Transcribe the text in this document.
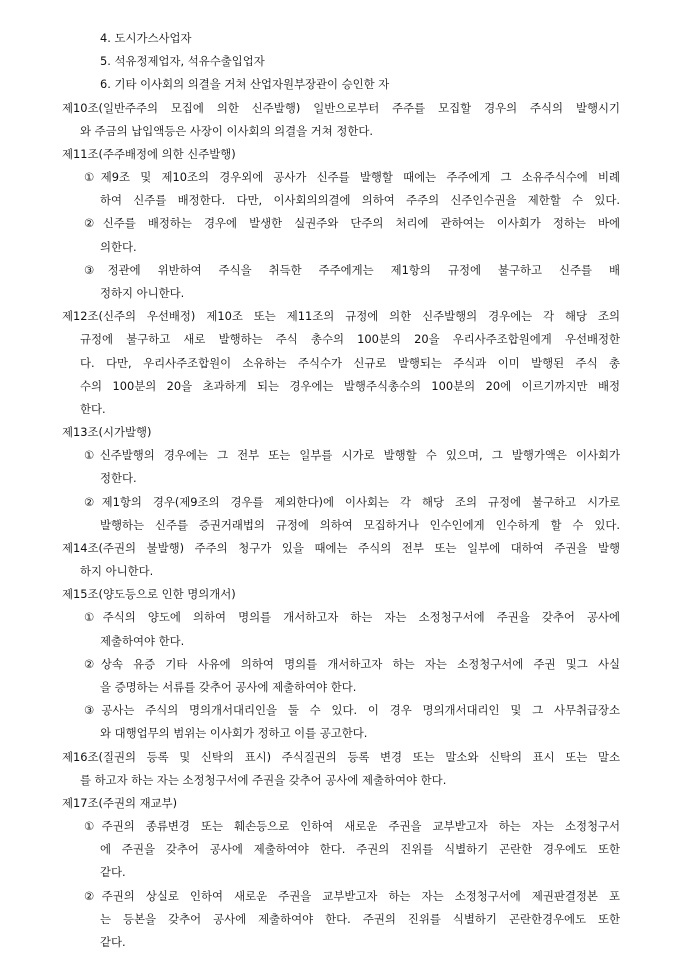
4. 도시가스사업자
5. 석유정제업자, 석유수출입업자
6. 기타 이사회의 의결을 거쳐 산업자원부장관이 승인한 자
제10조(일반주주의 모집에 의한 신주발행) 일반으로부터 주주를 모집할 경우의 주식의 발행시기
와 주금의 납입액등은 사장이 이사회의 의결을 거쳐 정한다.
제11조(주주배정에 의한 신주발행)
①제9조 및 제10조의 경우외에 공사가 신주를 발행할 때에는 주주에게 그 소유주식수에 비례
하여 신주를 배정한다. 다만, 이사회의의결에 의하여 주주의 신주인수권을 제한할 수 있다.
②신주를 배정하는 경우에 발생한 실권주와 단주의 처리에 관하여는 이사회가 정하는 바에
의한다.
③정관에 위반하여 주식을 취득한 주주에게는 제1항의 규정에 불구하고 신주를 배
정하지 아니한다.
제12조(신주의 우선배정) 제10조 또는 제11조의 규정에 의한 신주발행의 경우에는 각 해당 조의
규정에 불구하고 새로 발행하는 주식 총수의 100분의 20을 우리사주조합원에게 우선배정한
다. 다만, 우리사주조합원이 소유하는 주식수가 신규로 발행되는 주식과 이미 발행된 주식 총
수의 100분의 20을 초과하게 되는 경우에는 발행주식총수의 100분의 20에 이르기까지만 배정
한다.
제13조(시가발행)
①신주발행의 경우에는 그 전부 또는 일부를 시가로 발행할 수 있으며, 그 발행가액은 이사회가
정한다.
②제1항의 경우(제9조의 경우를 제외한다)에 이사회는 각 해당 조의 규정에 불구하고 시가로
발행하는 신주를 증권거래법의 규정에 의하여 모집하거나 인수인에게 인수하게 할 수 있다.
제14조(주권의 불발행) 주주의 청구가 있을 때에는 주식의 전부 또는 일부에 대하여 주권을 발행
하지 아니한다.
제15조(양도등으로 인한 명의개서)
①주식의 양도에 의하여 명의를 개서하고자 하는 자는 소정청구서에 주권을 갖추어 공사에
제출하여야 한다.
②상속 유증 기타 사유에 의하여 명의를 개서하고자 하는 자는 소정청구서에 주권 및그 사실
을 증명하는 서류를 갖추어 공사에 제출하여야 한다.
③공사는 주식의 명의개서대리인을 둘 수 있다. 이 경우 명의개서대리인 및 그 사무취급장소
와 대행업무의 범위는 이사회가 정하고 이를 공고한다.
제16조(질권의 등록 및 신탁의 표시) 주식질권의 등록 변경 또는 말소와 신탁의 표시 또는 말소
를 하고자 하는 자는 소정청구서에 주권을 갖추어 공사에 제출하여야 한다.
제17조(주권의 재교부)
①주권의 종류변경 또는 훼손등으로 인하여 새로운 주권을 교부받고자 하는 자는 소정청구서
에 주권을 갖추어 공사에 제출하여야 한다. 주권의 진위를 식별하기 곤란한 경우에도 또한
같다.
②주권의 상실로 인하여 새로운 주권을 교부받고자 하는 자는 소정청구서에 제권판결정본 포
는 등본을 갖추어 공사에 제출하여야 한다. 주권의 진위를 식별하기 곤란한경우에도 또한
같다.
